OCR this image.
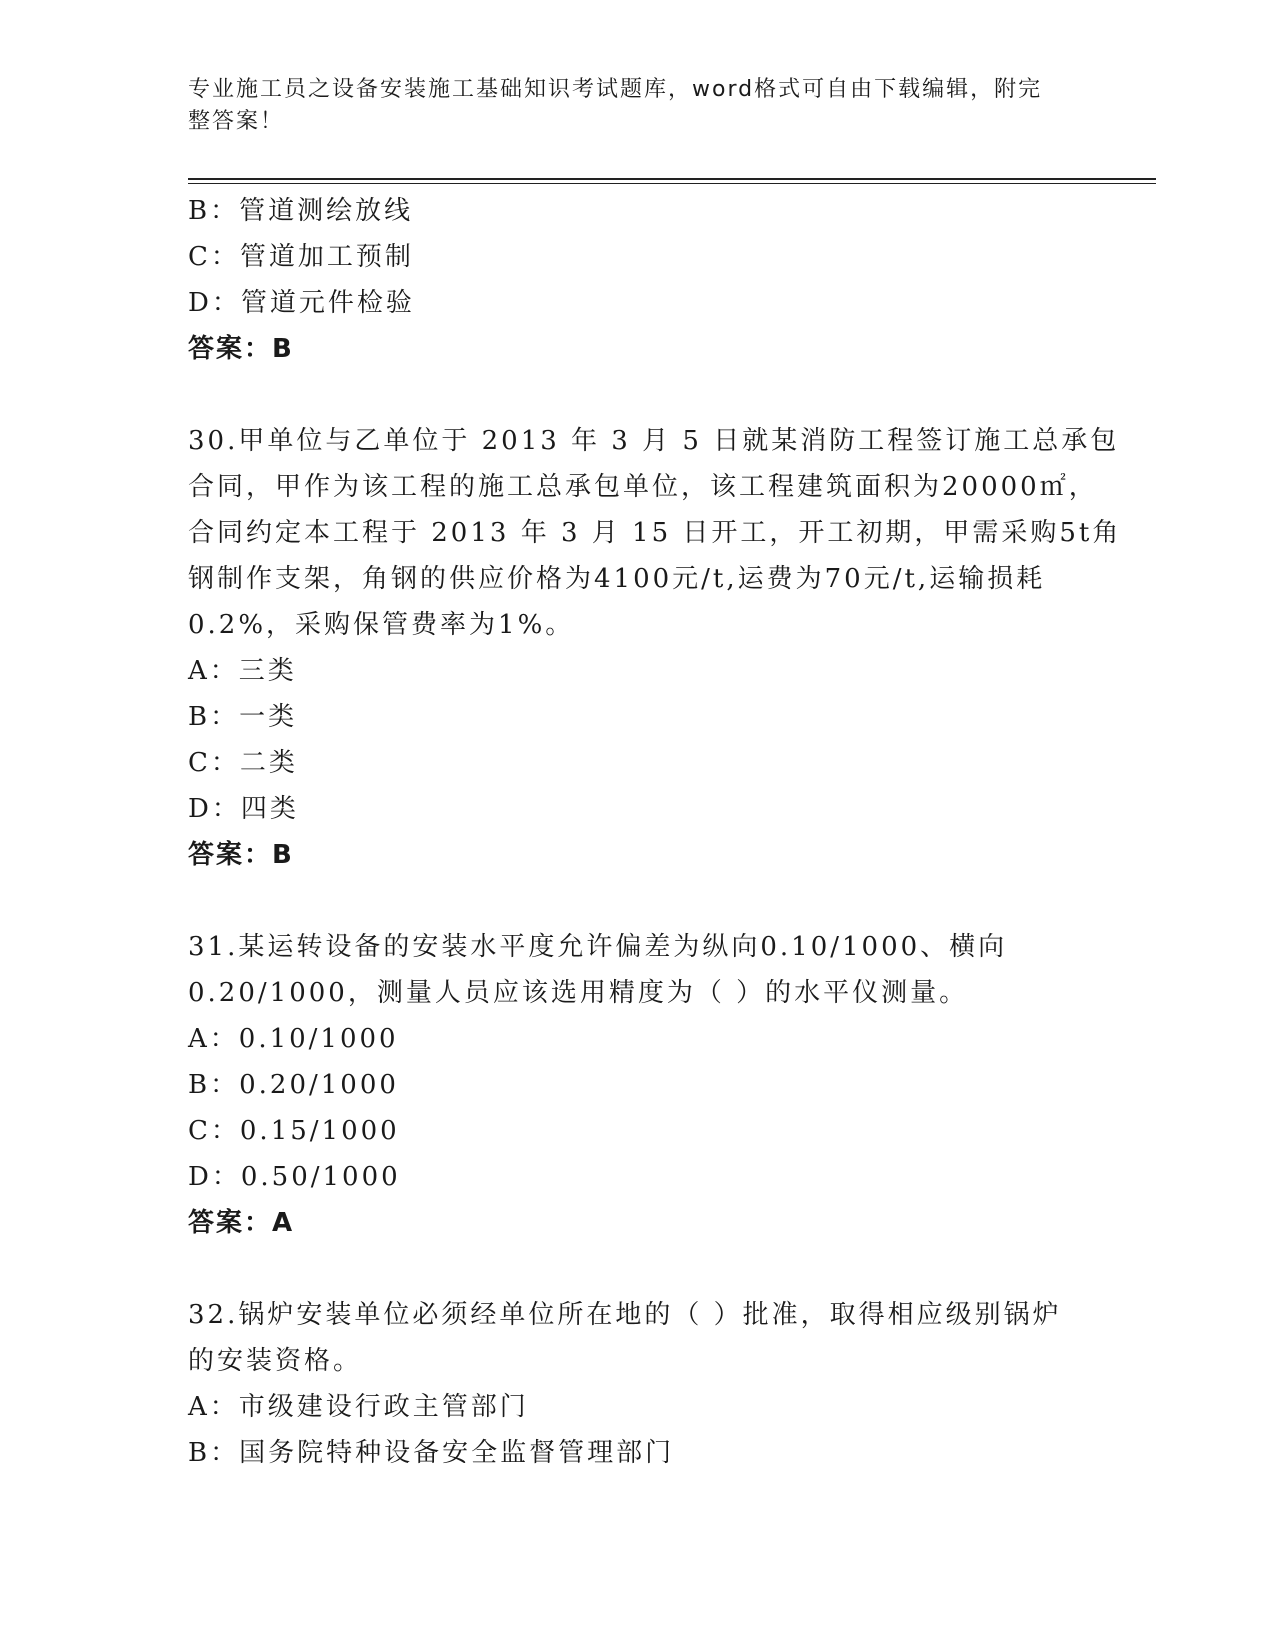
专业施工员之设备安装施工基础知识考试题库，word格式可自由下载编辑，附完
整答案！
B：管道测绘放线
C：管道加工预制
D：管道元件检验
答案：B

30.甲单位与乙单位于 2013 年 3 月 5 日就某消防工程签订施工总承包
合同，甲作为该工程的施工总承包单位，该工程建筑面积为20000㎡，
合同约定本工程于 2013 年 3 月 15 日开工，开工初期，甲需采购5t角
钢制作支架，角钢的供应价格为4100元/t,运费为70元/t,运输损耗
0.2%，采购保管费率为1%。

A：三类
B：一类
C：二类
D：四类
答案：B

31.某运转设备的安装水平度允许偏差为纵向0.10/1000、横向
0.20/1000，测量人员应该选用精度为（ ）的水平仪测量。

A：0.10/1000
B：0.20/1000
C：0.15/1000
D：0.50/1000
答案：A

32.锅炉安装单位必须经单位所在地的（ ）批准，取得相应级别锅炉
的安装资格。

A：市级建设行政主管部门
B：国务院特种设备安全监督管理部门
